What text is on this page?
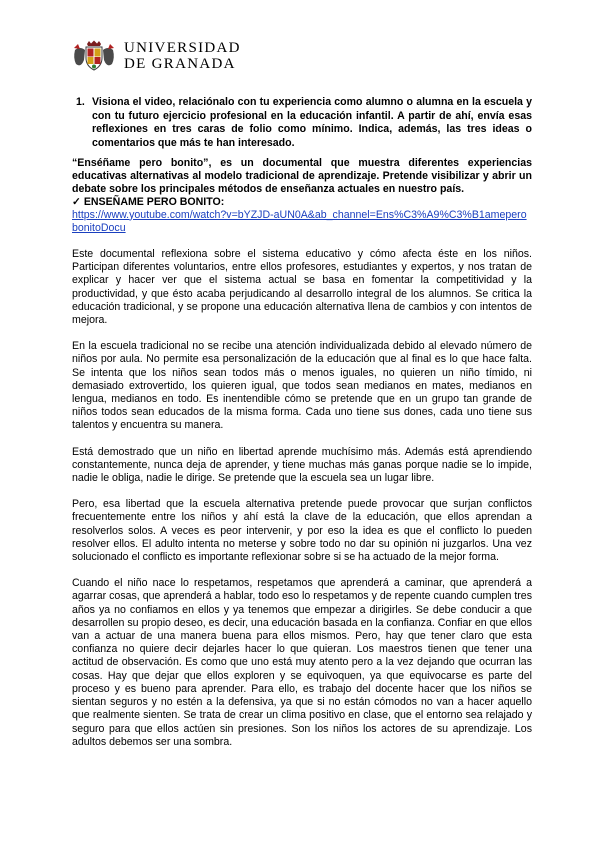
UNIVERSIDAD
DE GRANADA
1. Visiona el video, relaciónalo con tu experiencia como alumno o alumna en la escuela y con tu futuro ejercicio profesional en la educación infantil. A partir de ahí, envía esas reflexiones en tres caras de folio como mínimo. Indica, además, las tres ideas o comentarios que más te han interesado.

“Enséñame pero bonito”, es un documental que muestra diferentes experiencias educativas alternativas al modelo tradicional de aprendizaje. Pretende visibilizar y abrir un debate sobre los principales métodos de enseñanza actuales en nuestro país.

✓ ENSEÑAME PERO BONITO:

https://www.youtube.com/watch?v=bYZJD-aUN0A&ab_channel=Ens%C3%A9%C3%B1ameperobonitoDocu

Este documental reflexiona sobre el sistema educativo y cómo afecta éste en los niños. Participan diferentes voluntarios, entre ellos profesores, estudiantes y expertos, y nos tratan de explicar y hacer ver que el sistema actual se basa en fomentar la competitividad y la productividad, y que ésto acaba perjudicando al desarrollo integral de los alumnos. Se critica la educación tradicional, y se propone una educación alternativa llena de cambios y con intentos de mejora.

En la escuela tradicional no se recibe una atención individualizada debido al elevado número de niños por aula. No permite esa personalización de la educación que al final es lo que hace falta. Se intenta que los niños sean todos más o menos iguales, no quieren un niño tímido, ni demasiado extrovertido, los quieren igual, que todos sean medianos en mates, medianos en lengua, medianos en todo. Es inentendible cómo se pretende que en un grupo tan grande de niños todos sean educados de la misma forma. Cada uno tiene sus dones, cada uno tiene sus talentos y encuentra su manera.

Está demostrado que un niño en libertad aprende muchísimo más. Además está aprendiendo constantemente, nunca deja de aprender, y tiene muchas más ganas porque nadie se lo impide, nadie le obliga, nadie le dirige. Se pretende que la escuela sea un lugar libre.

Pero, esa libertad que la escuela alternativa pretende puede provocar que surjan conflictos frecuentemente entre los niños y ahí está la clave de la educación, que ellos aprendan a resolverlos solos. A veces es peor intervenir, y por eso la idea es que el conflicto lo pueden resolver ellos. El adulto intenta no meterse y sobre todo no dar su opinión ni juzgarlos. Una vez solucionado el conflicto es importante reflexionar sobre si se ha actuado de la mejor forma.

Cuando el niño nace lo respetamos, respetamos que aprenderá a caminar, que aprenderá a agarrar cosas, que aprenderá a hablar, todo eso lo respetamos y de repente cuando cumplen tres años ya no confiamos en ellos y ya tenemos que empezar a dirigirles. Se debe conducir a que desarrollen su propio deseo, es decir, una educación basada en la confianza. Confiar en que ellos van a actuar de una manera buena para ellos mismos. Pero, hay que tener claro que esta confianza no quiere decir dejarles hacer lo que quieran. Los maestros tienen que tener una actitud de observación. Es como que uno está muy atento pero a la vez dejando que ocurran las cosas. Hay que dejar que ellos exploren y se equivoquen, ya que equivocarse es parte del proceso y es bueno para aprender. Para ello, es trabajo del docente hacer que los niños se sientan seguros y no estén a la defensiva, ya que si no están cómodos no van a hacer aquello que realmente sienten. Se trata de crear un clima positivo en clase, que el entorno sea relajado y seguro para que ellos actúen sin presiones. Son los niños los actores de su aprendizaje. Los adultos debemos ser una sombra.
